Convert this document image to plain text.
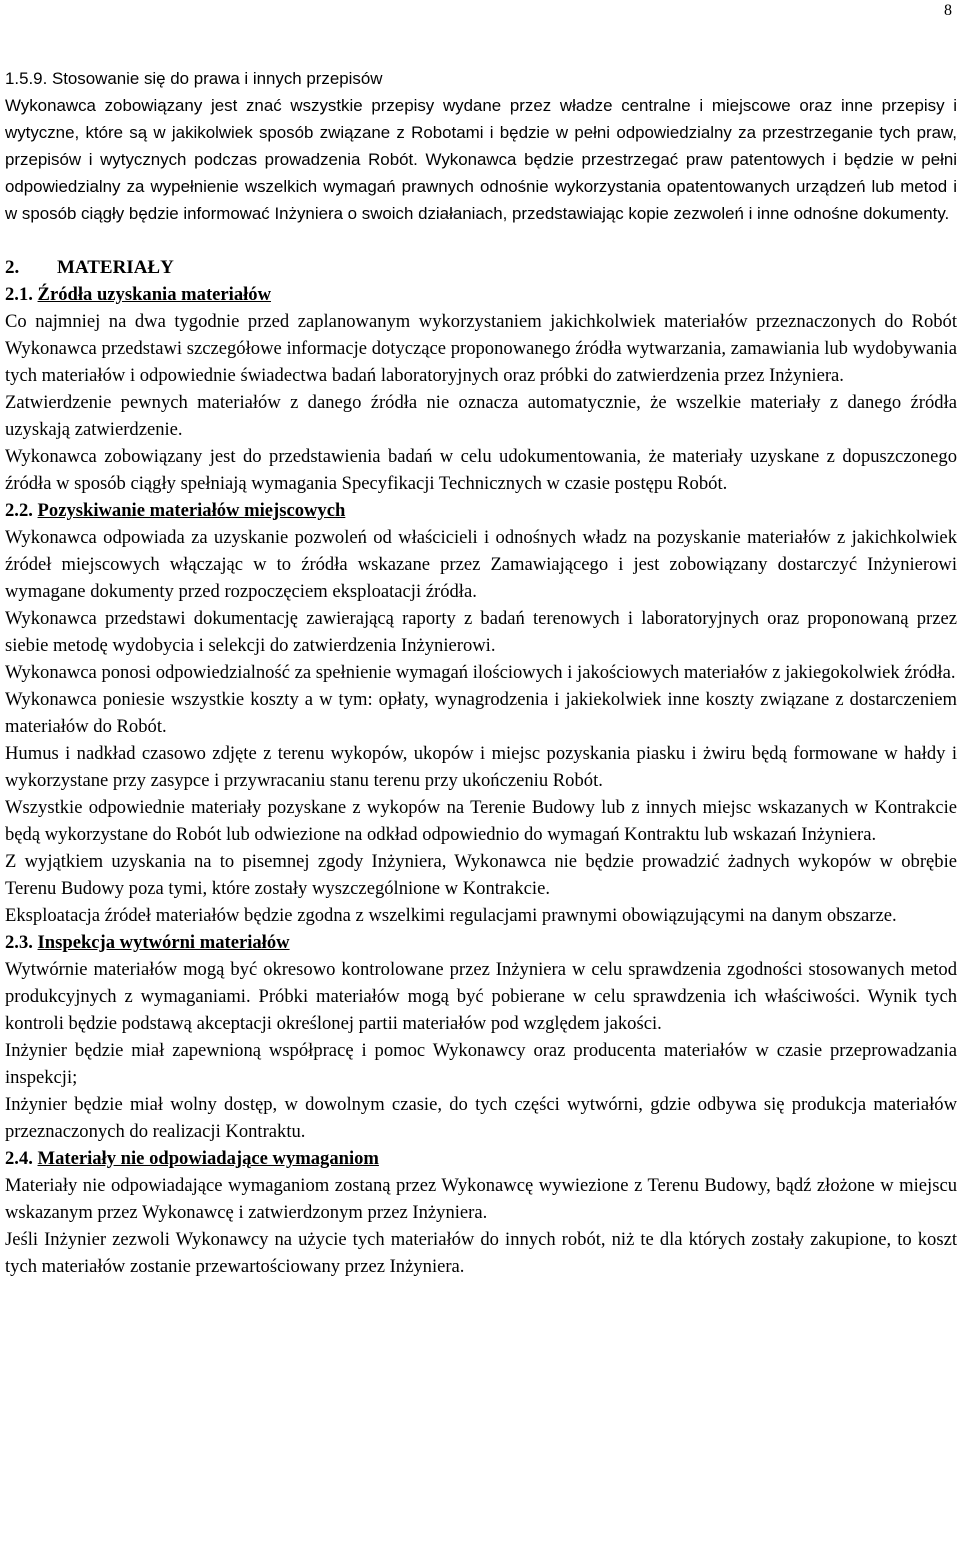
8

1.5.9. Stosowanie się do prawa i innych przepisów

Wykonawca zobowiązany jest znać wszystkie przepisy wydane przez władze centralne i miejscowe oraz inne przepisy i wytyczne, które są w jakikolwiek sposób związane z Robotami i będzie w pełni odpowiedzialny za przestrzeganie tych praw, przepisów i wytycznych podczas prowadzenia Robót. Wykonawca będzie przestrzegać praw patentowych i będzie w pełni odpowiedzialny za wypełnienie wszelkich wymagań prawnych odnośnie wykorzystania opatentowanych urządzeń lub metod i w sposób ciągły będzie informować Inżyniera o swoich działaniach, przedstawiając kopie zezwoleń i inne odnośne dokumenty.

2. MATERIAŁY
2.1. Źródła uzyskania materiałów

Co najmniej na dwa tygodnie przed zaplanowanym wykorzystaniem jakichkolwiek materiałów przeznaczonych do Robót Wykonawca przedstawi szczegółowe informacje dotyczące proponowanego źródła wytwarzania, zamawiania lub wydobywania tych materiałów i odpowiednie świadectwa badań laboratoryjnych oraz próbki do zatwierdzenia przez Inżyniera.

Zatwierdzenie pewnych materiałów z danego źródła nie oznacza automatycznie, że wszelkie materiały z danego źródła uzyskają zatwierdzenie.

Wykonawca zobowiązany jest do przedstawienia badań w celu udokumentowania, że materiały uzyskane z dopuszczonego źródła w sposób ciągły spełniają wymagania Specyfikacji Technicznych w czasie postępu Robót.

2.2. Pozyskiwanie materiałów miejscowych

Wykonawca odpowiada za uzyskanie pozwoleń od właścicieli i odnośnych władz na pozyskanie materiałów z jakichkolwiek źródeł miejscowych włączając w to źródła wskazane przez Zamawiającego i jest zobowiązany dostarczyć Inżynierowi wymagane dokumenty przed rozpoczęciem eksploatacji źródła.

Wykonawca przedstawi dokumentację zawierającą raporty z badań terenowych i laboratoryjnych oraz proponowaną przez siebie metodę wydobycia i selekcji do zatwierdzenia Inżynierowi.

Wykonawca ponosi odpowiedzialność za spełnienie wymagań ilościowych i jakościowych materiałów z jakiegokolwiek źródła.

Wykonawca poniesie wszystkie koszty a w tym: opłaty, wynagrodzenia i jakiekolwiek inne koszty związane z dostarczeniem materiałów do Robót.

Humus i nadkład czasowo zdjęte z terenu wykopów, ukopów i miejsc pozyskania piasku i żwiru będą formowane w hałdy i wykorzystane przy zasypce i przywracaniu stanu terenu przy ukończeniu Robót.

Wszystkie odpowiednie materiały pozyskane z wykopów na Terenie Budowy lub z innych miejsc wskazanych w Kontrakcie będą wykorzystane do Robót lub odwiezione na odkład odpowiednio do wymagań Kontraktu lub wskazań Inżyniera.

Z wyjątkiem uzyskania na to pisemnej zgody Inżyniera, Wykonawca nie będzie prowadzić żadnych wykopów w obrębie Terenu Budowy poza tymi, które zostały wyszczególnione w Kontrakcie.

Eksploatacja źródeł materiałów będzie zgodna z wszelkimi regulacjami prawnymi obowiązującymi na danym obszarze.

2.3. Inspekcja wytwórni materiałów

Wytwórnie materiałów mogą być okresowo kontrolowane przez Inżyniera w celu sprawdzenia zgodności stosowanych metod produkcyjnych z wymaganiami. Próbki materiałów mogą być pobierane w celu sprawdzenia ich właściwości. Wynik tych kontroli będzie podstawą akceptacji określonej partii materiałów pod względem jakości.

Inżynier będzie miał zapewnioną współpracę i pomoc Wykonawcy oraz producenta materiałów w czasie przeprowadzania inspekcji;

Inżynier będzie miał wolny dostęp, w dowolnym czasie, do tych części wytwórni, gdzie odbywa się produkcja materiałów przeznaczonych do realizacji Kontraktu.

2.4. Materiały nie odpowiadające wymaganiom

Materiały nie odpowiadające wymaganiom zostaną przez Wykonawcę wywiezione z Terenu Budowy, bądź złożone w miejscu wskazanym przez Wykonawcę i zatwierdzonym przez Inżyniera.

Jeśli Inżynier zezwoli Wykonawcy na użycie tych materiałów do innych robót, niż te dla których zostały zakupione, to koszt tych materiałów zostanie przewartościowany przez Inżyniera.
